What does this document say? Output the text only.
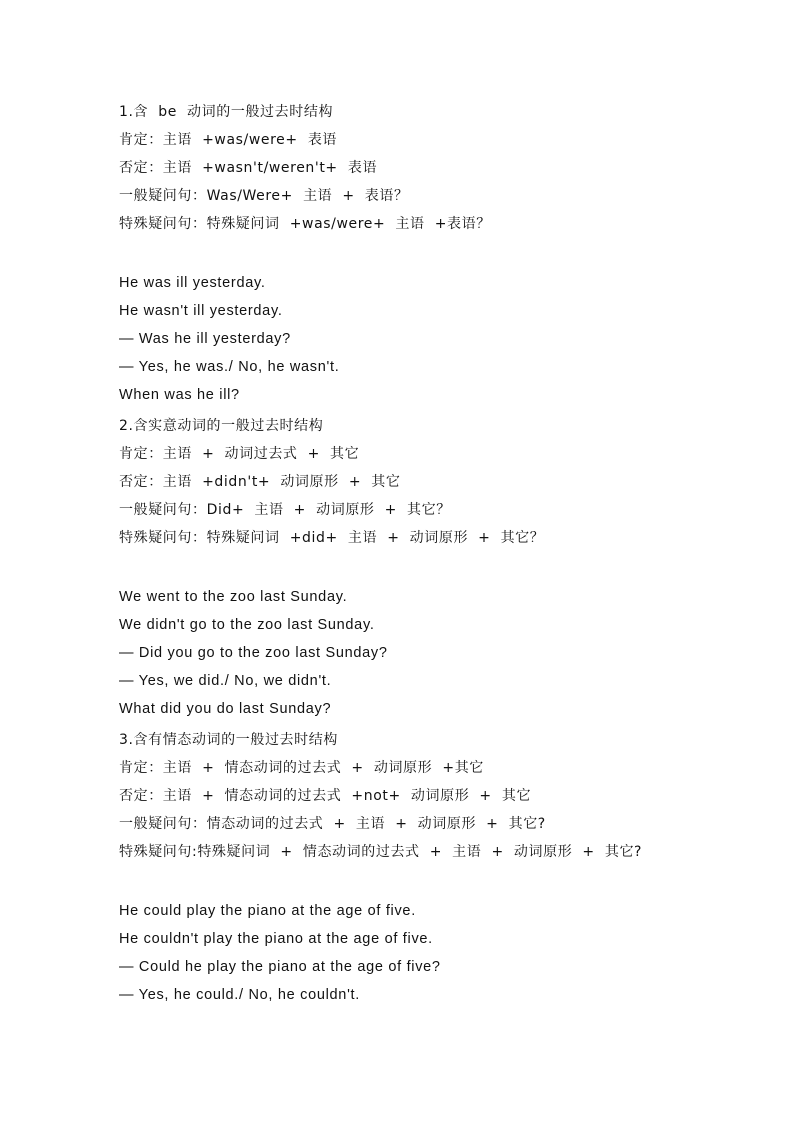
1.含  be  动词的一般过去时结构

肯定：主语  +was/were+  表语

否定：主语  +wasn't/weren't+  表语

一般疑问句：Was/Were+  主语  +  表语？

特殊疑问句：特殊疑问词  +was/were+  主语  +表语？

He was ill yesterday.

He wasn't ill yesterday.

— Was he ill yesterday?

— Yes, he was./ No, he wasn't.

When was he ill?

2.含实意动词的一般过去时结构

肯定：主语  +  动词过去式  +  其它

否定：主语  +didn't+  动词原形  +  其它

一般疑问句：Did+  主语  +  动词原形  +  其它？

特殊疑问句：特殊疑问词  +did+  主语  +  动词原形  +  其它？

We went to the zoo last Sunday.

We didn't go to the zoo last Sunday.

— Did you go to the zoo last Sunday?

— Yes, we did./ No, we didn't.

What did you do last Sunday?

3.含有情态动词的一般过去时结构

肯定：主语  +  情态动词的过去式  +  动词原形  +其它

否定：主语  +  情态动词的过去式  +not+  动词原形  +  其它

一般疑问句：情态动词的过去式  +  主语  +  动词原形  +  其它?

特殊疑问句:特殊疑问词  +  情态动词的过去式  +  主语  +  动词原形  +  其它?

He could play the piano at the age of five.

He couldn't play the piano at the age of five.

— Could he play the piano at the age of five?

— Yes, he could./ No, he couldn't.
